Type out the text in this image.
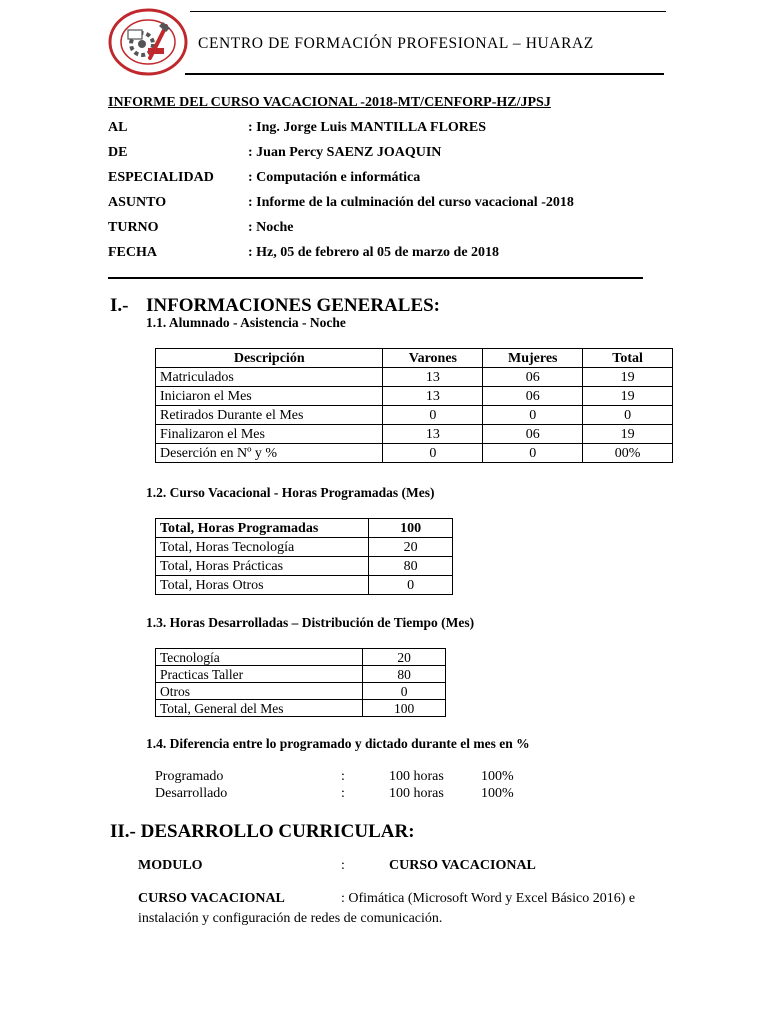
CENTRO DE FORMACIÓN PROFESIONAL – HUARAZ
INFORME DEL CURSO VACACIONAL -2018-MT/CENFORP-HZ/JPSJ
AL	: Ing. Jorge Luis MANTILLA FLORES
DE	: Juan Percy SAENZ JOAQUIN
ESPECIALIDAD : Computación e informática
ASUNTO	: Informe de la culminación del curso vacacional -2018
TURNO	: Noche
FECHA	: Hz, 05 de febrero al 05 de marzo de 2018
I.- INFORMACIONES GENERALES:
1.1. Alumnado - Asistencia - Noche
Descripción	Varones	Mujeres	Total
Matriculados	13	06	19
Iniciaron el Mes	13	06	19
Retirados Durante el Mes	0	0	0
Finalizaron el Mes	13	06	19
Deserción en Nº y %	0	0	00%
1.2. Curso Vacacional - Horas Programadas (Mes)
Total, Horas Programadas	100
Total, Horas Tecnología	20
Total, Horas Prácticas	80
Total, Horas Otros	0
1.3. Horas Desarrolladas – Distribución de Tiempo (Mes)
Tecnología	20
Practicas Taller	80
Otros	0
Total, General del Mes	100
1.4. Diferencia entre lo programado y dictado durante el mes en %
Programado	:	100 horas	100%
Desarrollado	:	100 horas	100%
II.- DESARROLLO CURRICULAR:
MODULO	:	CURSO VACACIONAL
CURSO VACACIONAL	: Ofimática (Microsoft Word y Excel Básico 2016) e
instalación y configuración de redes de comunicación.
